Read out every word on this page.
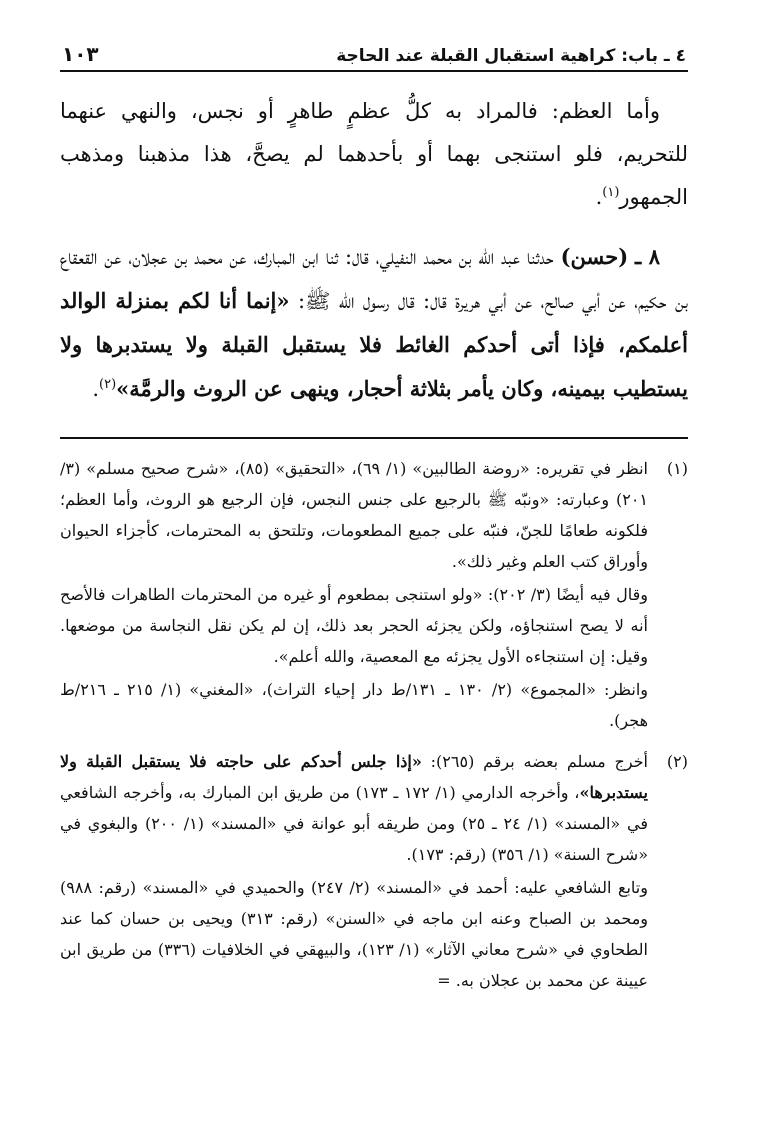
٤ ـ باب: كراهية استقبال القبلة عند الحاجة
١٠٣

وأما العظم: فالمراد به كلُّ عظمٍ طاهرٍ أو نجس، والنهي عنهما للتحريم، فلو استنجى بهما أو بأحدهما لم يصحَّ، هذا مذهبنا ومذهب الجمهور$^{(١)}$.

٨ ـ (حسن) حدثنا عبد الله بن محمد النفيلي، قال: ثنا ابن المبارك، عن محمد بن عجلان، عن القعقاع بن حكيم، عن أبي صالح، عن أبي هريرة قال: قال رسول الله ﷺ: «إنما أنا لكم بمنزلة الوالد أعلمكم، فإذا أتى أحدكم الغائط فلا يستقبل القبلة ولا يستدبرها ولا يستطيب بيمينه، وكان يأمر بثلاثة أحجار، وينهى عن الروث والرمَّة»$^{(٢)}$.

(١)

انظر في تقريره: «روضة الطالبين» (١/ ٦٩)، «التحقيق» (٨٥)، «شرح صحيح مسلم» (٣/ ٢٠١) وعبارته: «ونبّه ﷺ بالرجيع على جنس النجس، فإن الرجيع هو الروث، وأما العظم؛ فلكونه طعامًا للجنّ، فنبّه على جميع المطعومات، وتلتحق به المحترمات، كأجزاء الحيوان وأوراق كتب العلم وغير ذلك».

وقال فيه أيضًا (٣/ ٢٠٢): «ولو استنجى بمطعوم أو غيره من المحترمات الطاهرات فالأصح أنه لا يصح استنجاؤه، ولكن يجزئه الحجر بعد ذلك، إن لم يكن نقل النجاسة من موضعها. وقيل: إن استنجاءه الأول يجزئه مع المعصية، والله أعلم».

وانظر: «المجموع» (٢/ ١٣٠ ـ ١٣١/ط دار إحياء التراث)، «المغني» (١/ ٢١٥ ـ ٢١٦/ط هجر).

(٢)

أخرج مسلم بعضه برقم (٢٦٥): «إذا جلس أحدكم على حاجته فلا يستقبل القبلة ولا يستدبرها»، وأخرجه الدارمي (١/ ١٧٢ ـ ١٧٣) من طريق ابن المبارك به، وأخرجه الشافعي في «المسند» (١/ ٢٤ ـ ٢٥) ومن طريقه أبو عوانة في «المسند» (١/ ٢٠٠) والبغوي في «شرح السنة» (١/ ٣٥٦) (رقم: ١٧٣).

وتابع الشافعي عليه: أحمد في «المسند» (٢/ ٢٤٧) والحميدي في «المسند» (رقم: ٩٨٨) ومحمد بن الصباح وعنه ابن ماجه في «السنن» (رقم: ٣١٣) ويحيى بن حسان كما عند الطحاوي في «شرح معاني الآثار» (١/ ١٢٣)، والبيهقي في الخلافيات (٣٣٦) من طريق ابن عيينة عن محمد بن عجلان به. =
